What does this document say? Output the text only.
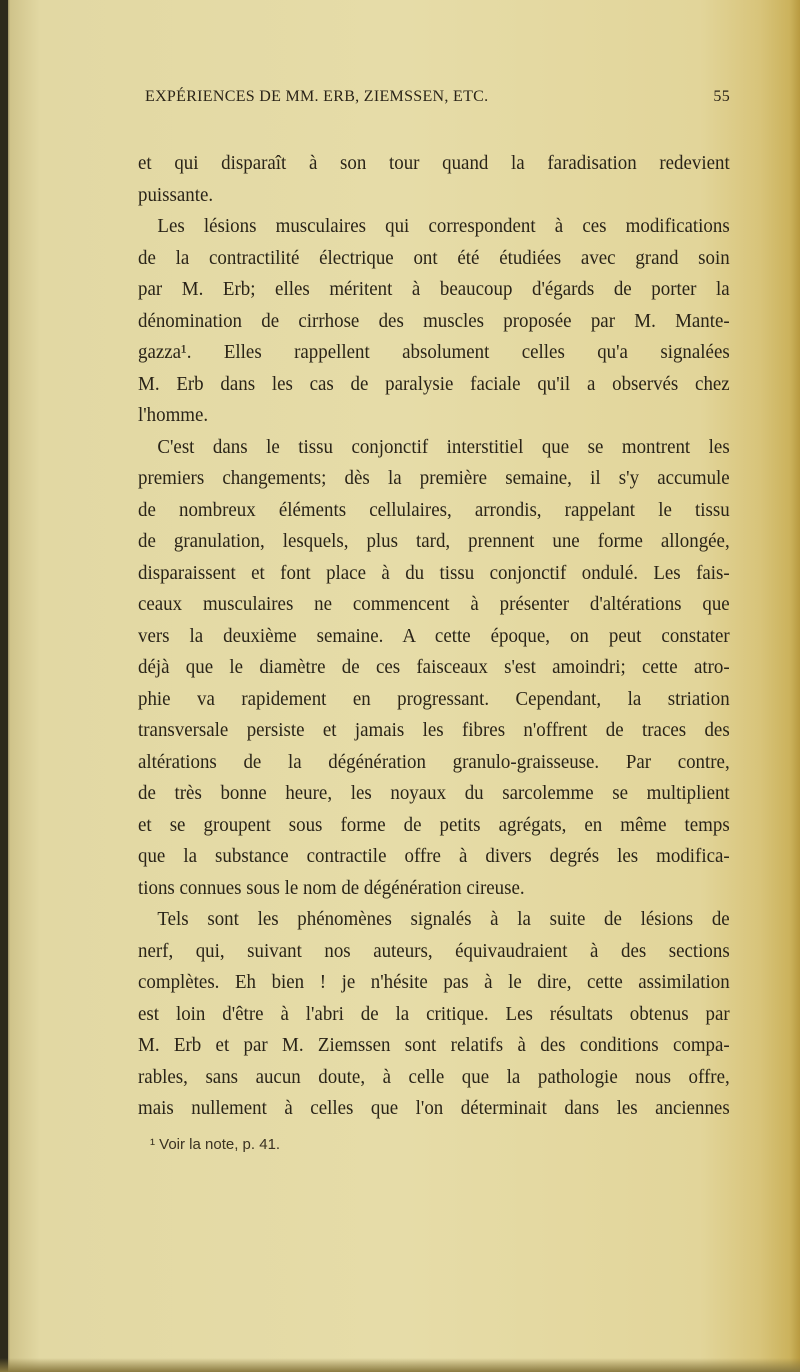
EXPÉRIENCES DE MM. ERB, ZIEMSSEN, ETC.	55
et qui disparaît à son tour quand la faradisation redevient
puissante.
Les lésions musculaires qui correspondent à ces modifications
de la contractilité électrique ont été étudiées avec grand soin
par M. Erb; elles méritent à beaucoup d'égards de porter la
dénomination de cirrhose des muscles proposée par M. Mante-
gazza¹. Elles rappellent absolument celles qu'a signalées
M. Erb dans les cas de paralysie faciale qu'il a observés chez
l'homme.
C'est dans le tissu conjonctif interstitiel que se montrent les
premiers changements; dès la première semaine, il s'y accumule
de nombreux éléments cellulaires, arrondis, rappelant le tissu
de granulation, lesquels, plus tard, prennent une forme allongée,
disparaissent et font place à du tissu conjonctif ondulé. Les fais-
ceaux musculaires ne commencent à présenter d'altérations que
vers la deuxième semaine. A cette époque, on peut constater
déjà que le diamètre de ces faisceaux s'est amoindri; cette atro-
phie va rapidement en progressant. Cependant, la striation
transversale persiste et jamais les fibres n'offrent de traces des
altérations de la dégénération granulo-graisseuse. Par contre,
de très bonne heure, les noyaux du sarcolemme se multiplient
et se groupent sous forme de petits agrégats, en même temps
que la substance contractile offre à divers degrés les modifica-
tions connues sous le nom de dégénération cireuse.
Tels sont les phénomènes signalés à la suite de lésions de
nerf, qui, suivant nos auteurs, équivaudraient à des sections
complètes. Eh bien ! je n'hésite pas à le dire, cette assimilation
est loin d'être à l'abri de la critique. Les résultats obtenus par
M. Erb et par M. Ziemssen sont relatifs à des conditions compa-
rables, sans aucun doute, à celle que la pathologie nous offre,
mais nullement à celles que l'on déterminait dans les anciennes
¹ Voir la note, p. 41.
